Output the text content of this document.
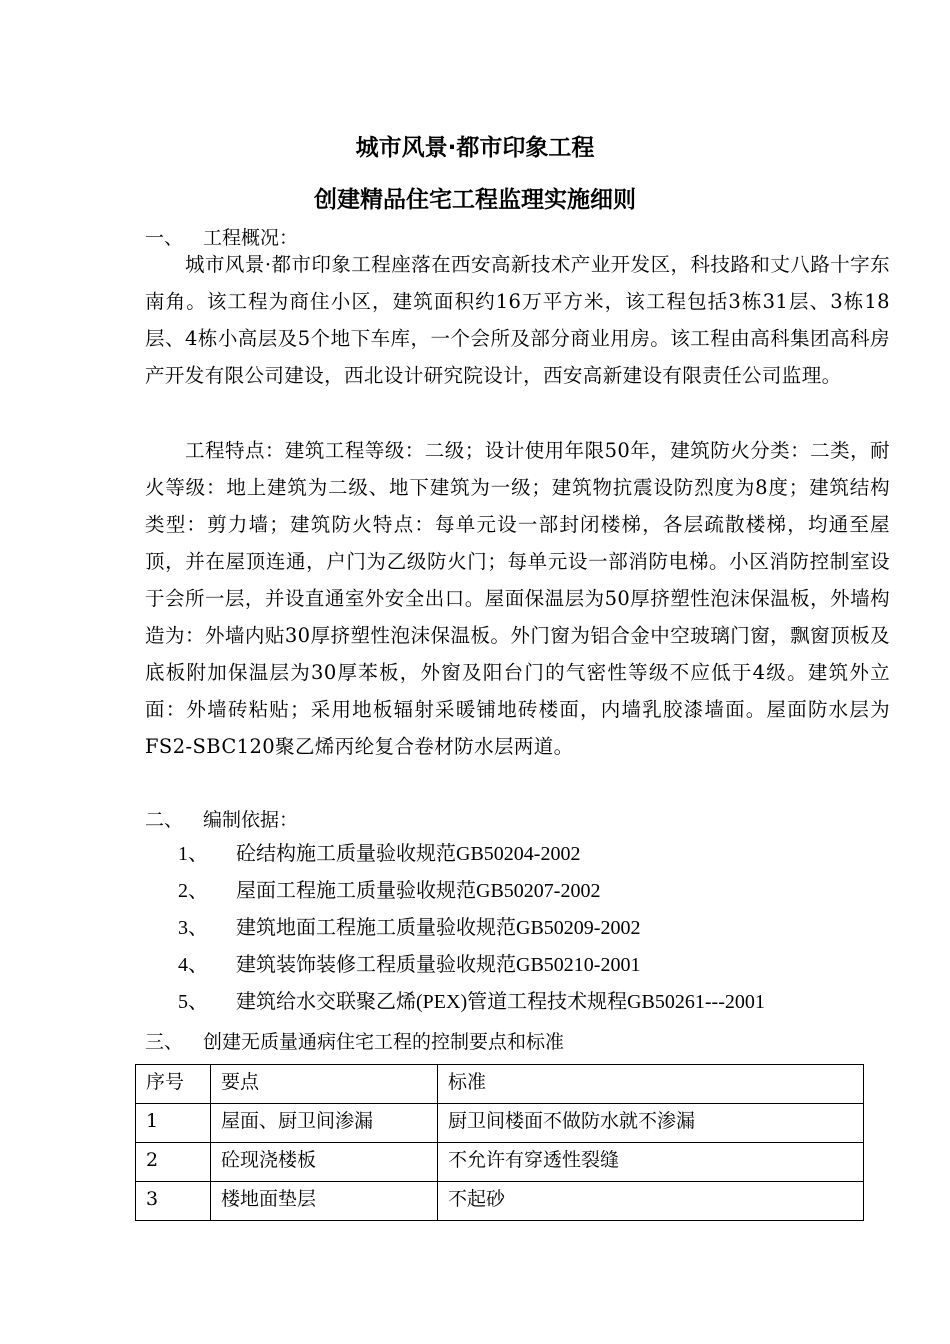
城市风景·都市印象工程
创建精品住宅工程监理实施细则
一、 工程概况：

城市风景·都市印象工程座落在西安高新技术产业开发区，科技路和丈八路十字东南角。该工程为商住小区，建筑面积约16万平方米，该工程包括3栋31层、3栋18层、4栋小高层及5个地下车库，一个会所及部分商业用房。该工程由高科集团高科房产开发有限公司建设，西北设计研究院设计，西安高新建设有限责任公司监理。

工程特点：建筑工程等级：二级；设计使用年限50年，建筑防火分类：二类，耐火等级：地上建筑为二级、地下建筑为一级；建筑物抗震设防烈度为8度；建筑结构类型：剪力墙；建筑防火特点：每单元设一部封闭楼梯，各层疏散楼梯，均通至屋顶，并在屋顶连通，户门为乙级防火门；每单元设一部消防电梯。小区消防控制室设于会所一层，并设直通室外安全出口。屋面保温层为50厚挤塑性泡沫保温板，外墙构造为：外墙内贴30厚挤塑性泡沫保温板。外门窗为铝合金中空玻璃门窗，飘窗顶板及底板附加保温层为30厚苯板，外窗及阳台门的气密性等级不应低于4级。建筑外立面：外墙砖粘贴；采用地板辐射采暖铺地砖楼面，内墙乳胶漆墙面。屋面防水层为FS2-SBC120聚乙烯丙纶复合卷材防水层两道。

二、 编制依据：
1、 砼结构施工质量验收规范GB50204-2002
2、 屋面工程施工质量验收规范GB50207-2002
3、 建筑地面工程施工质量验收规范GB50209-2002
4、 建筑装饰装修工程质量验收规范GB50210-2001
5、 建筑给水交联聚乙烯(PEX)管道工程技术规程GB50261---2001
三、 创建无质量通病住宅工程的控制要点和标准
序号	要点	标准
1	屋面、厨卫间渗漏	厨卫间楼面不做防水就不渗漏
2	砼现浇楼板	不允许有穿透性裂缝
3	楼地面垫层	不起砂
